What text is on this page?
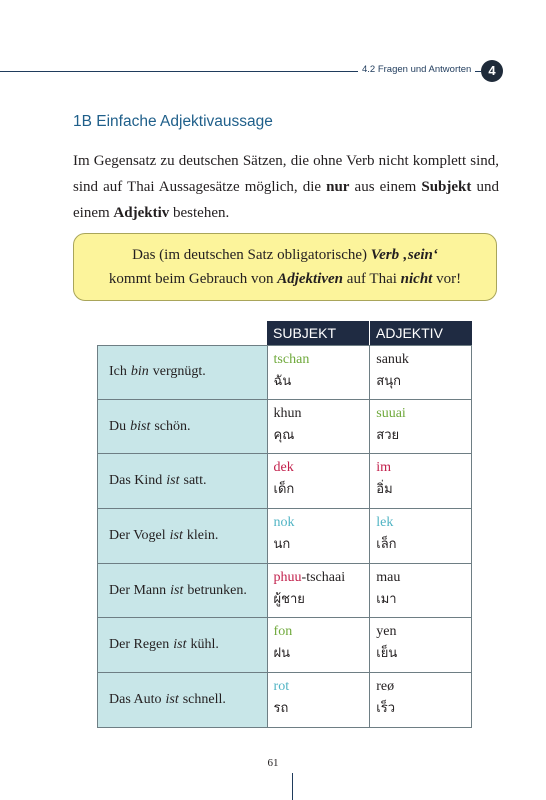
4.2 Fragen und Antworten	4
1B Einfache Adjektivaussage
Im Gegensatz zu deutschen Sätzen, die ohne Verb nicht komplett sind, sind auf Thai Aussagesätze möglich, die nur aus einem Subjekt und einem Adjektiv bestehen.
Das (im deutschen Satz obligatorische) Verb ‚sein‘
kommt beim Gebrauch von Adjektiven auf Thai nicht vor!
SUBJEKT	ADJEKTIV
Ich bin vergnügt.
tschan
ฉัน
sanuk
สนุก
Du bist schön.
khun
คุณ
suuai
สวย
Das Kind ist satt.
dek
เด็ก
im
อิ่ม
Der Vogel ist klein.
nok
นก
lek
เล็ก
Der Mann ist betrunken.
phuu-tschaai
ผู้ชาย
mau
เมา
Der Regen ist kühl.
fon
ฝน
yen
เย็น
Das Auto ist schnell.
rot
รถ
reø
เร็ว
61
